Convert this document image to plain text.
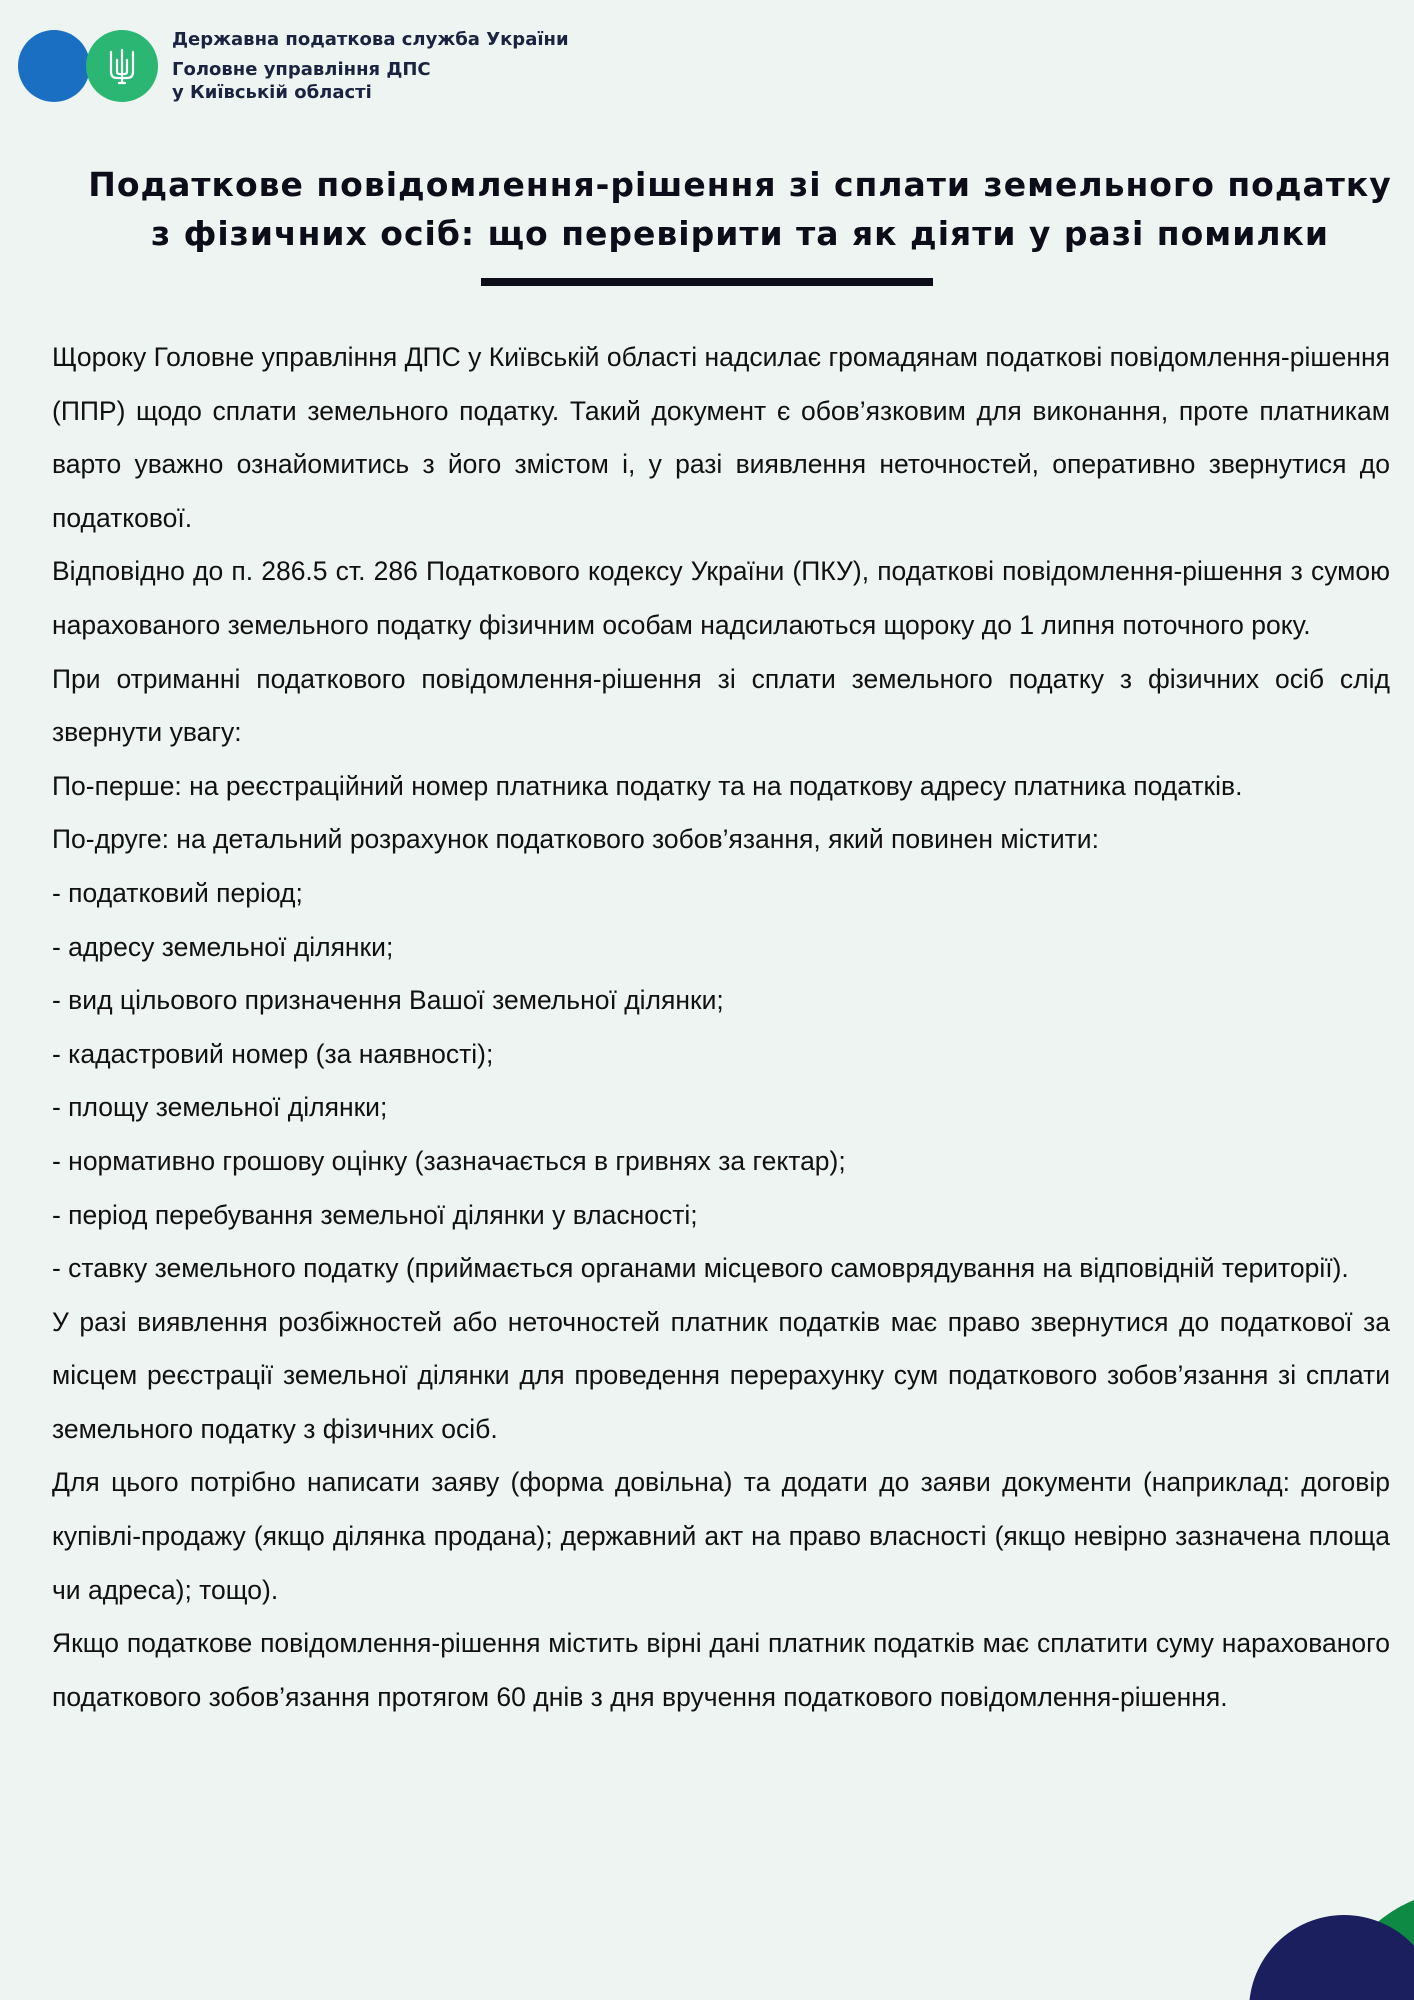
Державна податкова служба України
Головне управління ДПС
у Київській області
Податкове повідомлення-рішення зі сплати земельного податку з фізичних осіб: що перевірити та як діяти у разі помилки

Щороку Головне управління ДПС у Київській області надсилає громадянам податкові повідомлення-рішення (ППР) щодо сплати земельного податку. Такий документ є обов’язковим для виконання, проте платникам варто уважно ознайомитись з його змістом і, у разі виявлення неточностей, оперативно звернутися до податкової.

Відповідно до п. 286.5 ст. 286 Податкового кодексу України (ПКУ), податкові повідомлення-рішення з сумою нарахованого земельного податку фізичним особам надсилаються щороку до 1 липня поточного року.

При отриманні податкового повідомлення-рішення зі сплати земельного податку з фізичних осіб слід звернути увагу:

По-перше: на реєстраційний номер платника податку та на податкову адресу платника податків.

По-друге: на детальний розрахунок податкового зобов’язання, який повинен містити:

- податковий період;

- адресу земельної ділянки;

- вид цільового призначення Вашої земельної ділянки;

- кадастровий номер (за наявності);

- площу земельної ділянки;

- нормативно грошову оцінку (зазначається в гривнях за гектар);

- період перебування земельної ділянки у власності;

- ставку земельного податку (приймається органами місцевого самоврядування на відповідній території).

У разі виявлення розбіжностей або неточностей платник податків має право звернутися до податкової за місцем реєстрації земельної ділянки для проведення перерахунку сум податкового зобов’язання зі сплати земельного податку з фізичних осіб.

Для цього потрібно написати заяву (форма довільна) та додати до заяви документи (наприклад: договір купівлі-продажу (якщо ділянка продана); державний акт на право власності (якщо невірно зазначена площа чи адреса); тощо).

Якщо податкове повідомлення-рішення містить вірні дані платник податків має сплатити суму нарахованого податкового зобов’язання протягом 60 днів з дня вручення податкового повідомлення-рішення.
